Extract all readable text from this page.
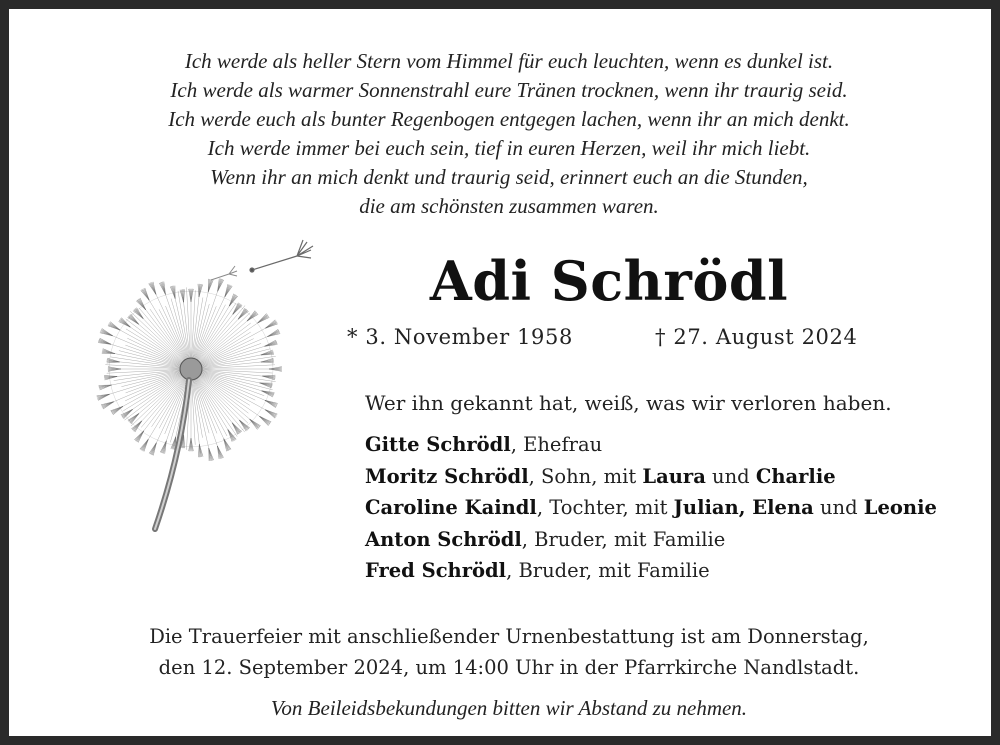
Ich werde als heller Stern vom Himmel für euch leuchten, wenn es dunkel ist.
Ich werde als warmer Sonnenstrahl eure Tränen trocknen, wenn ihr traurig seid.
Ich werde euch als bunter Regenbogen entgegen lachen, wenn ihr an mich denkt.
Ich werde immer bei euch sein, tief in euren Herzen, weil ihr mich liebt.
Wenn ihr an mich denkt und traurig seid, erinnert euch an die Stunden,
die am schönsten zusammen waren.
Adi Schrödl
* 3. November 1958	† 27. August 2024
Wer ihn gekannt hat, weiß, was wir verloren haben.
Gitte Schrödl, Ehefrau
Moritz Schrödl, Sohn, mit Laura und Charlie
Caroline Kaindl, Tochter, mit Julian, Elena und Leonie
Anton Schrödl, Bruder, mit Familie
Fred Schrödl, Bruder, mit Familie
Die Trauerfeier mit anschließender Urnenbestattung ist am Donnerstag,
den 12. September 2024, um 14:00 Uhr in der Pfarrkirche Nandlstadt.
Von Beileidsbekundungen bitten wir Abstand zu nehmen.
